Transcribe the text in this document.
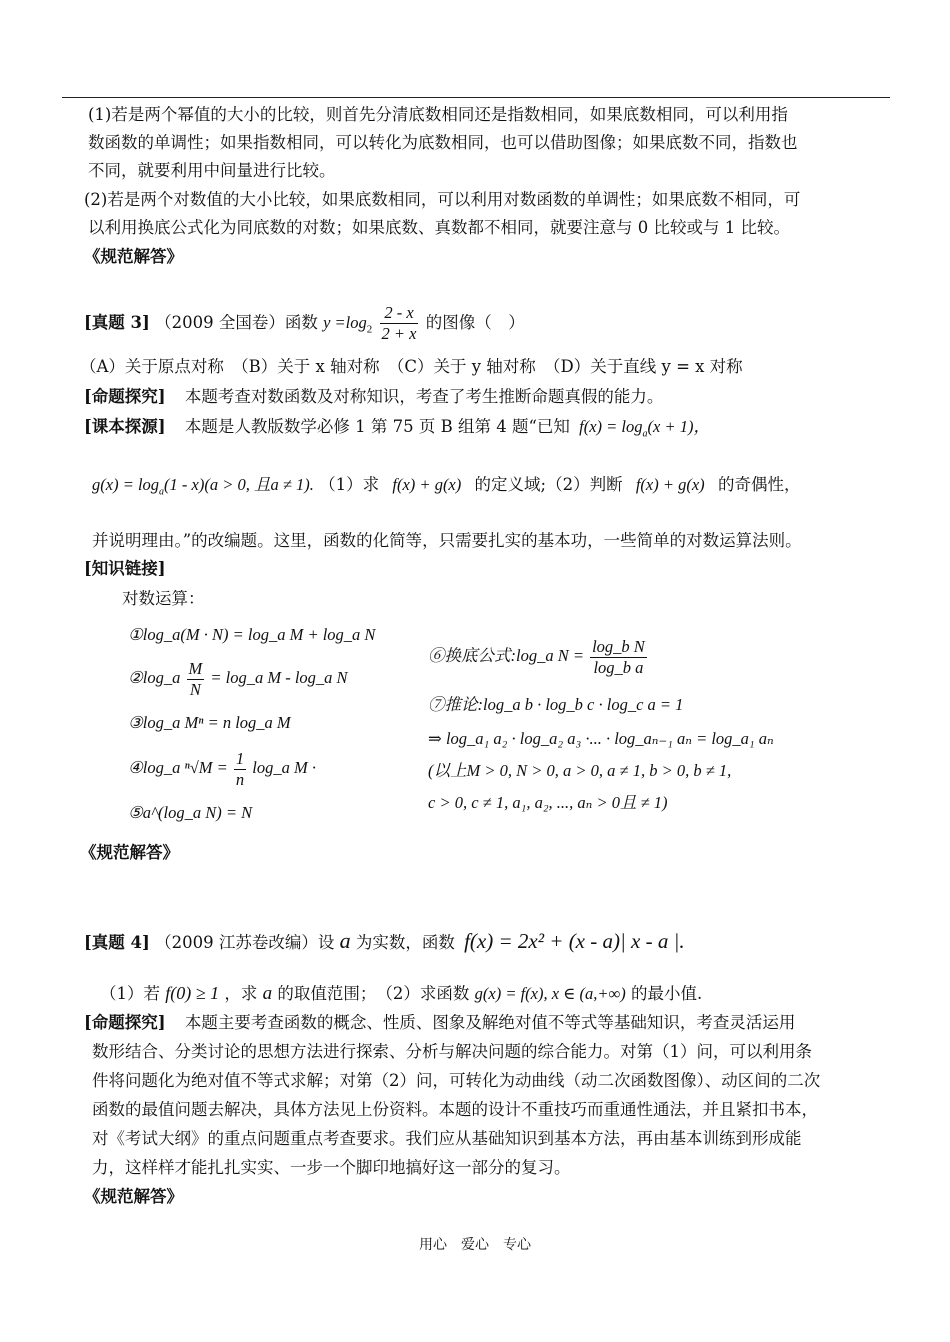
(1)若是两个幂值的大小的比较，则首先分清底数相同还是指数相同，如果底数相同，可以利用指
数函数的单调性；如果指数相同，可以转化为底数相同，也可以借助图像；如果底数不同，指数也
不同，就要利用中间量进行比较。
(2)若是两个对数值的大小比较，如果底数相同，可以利用对数函数的单调性；如果底数不相同，可
以利用换底公式化为同底数的对数；如果底数、真数都不相同，就要注意与 0 比较或与 1 比较。
《规范解答》
[真题 3] （2009 全国卷）函数 $y =\log_2 \frac{2 - x}{2 + x}$ 的图像（　）
（A）关于原点对称　（B）关于 x 轴对称　（C）关于 y 轴对称　（D）关于直线 y = x 对称
[命题探究] 本题考查对数函数及对称知识，考查了考生推断命题真假的能力。
[课本探源] 本题是人教版数学必修 1 第 75 页 B 组第 4 题“已知 $f(x) = \log_a(x + 1)$，
$g(x) = \log_a(1 - x)(a > 0$, 且a ≠ 1). （1）求 f(x) + g(x) 的定义域;（2）判断 f(x) + g(x) 的奇偶性，
并说明理由。”的改编题。这里，函数的化简等，只需要扎实的基本功，一些简单的对数运算法则。
[知识链接]
对数运算：
①log_a(M · N) = log_a M + log_a N
②log_a $\frac{M}{N}$ = log_a M - log_a N
③log_a Mⁿ = n log_a M
④log_a $^n√M = \frac{1}{n}$ log_a M ·
⑤a^(log_a N) = N
⑥换底公式:log_a $N = \frac{\text{log\_b N}}{\text{log\_b a}}$
⑦推论:log_a b · log_b c · log_c a = 1
⇒ log_a₁ a₂ · log_a₂ a₃ ·... · log_aₙ₋₁ aₙ = log_a₁ aₙ
(以上M > 0, N > 0, a > 0, a ≠ 1, b > 0, b ≠ 1,
c > 0, c ≠ 1, a₁, a₂, ..., aₙ > 0且 ≠ 1)
《规范解答》
[真题 4] （2009 江苏卷改编）设 a 为实数，函数 f(x) = 2x² + (x - a)| x - a |.
（1）若 f(0) ≥ 1 ，求 a 的取值范围；　（2）求函数 g(x) = f(x), x ∈ (a,+∞) 的最小值.
[命题探究] 本题主要考查函数的概念、性质、图象及解绝对值不等式等基础知识，考查灵活运用
数形结合、分类讨论的思想方法进行探索、分析与解决问题的综合能力。对第（1）问，可以利用条
件将问题化为绝对值不等式求解；对第（2）问，可转化为动曲线（动二次函数图像）、动区间的二次
函数的最值问题去解决，具体方法见上份资料。本题的设计不重技巧而重通性通法，并且紧扣书本，
对《考试大纲》的重点问题重点考查要求。我们应从基础知识到基本方法，再由基本训练到形成能
力，这样样才能扎扎实实、一步一个脚印地搞好这一部分的复习。
《规范解答》
用心　爱心　专心
